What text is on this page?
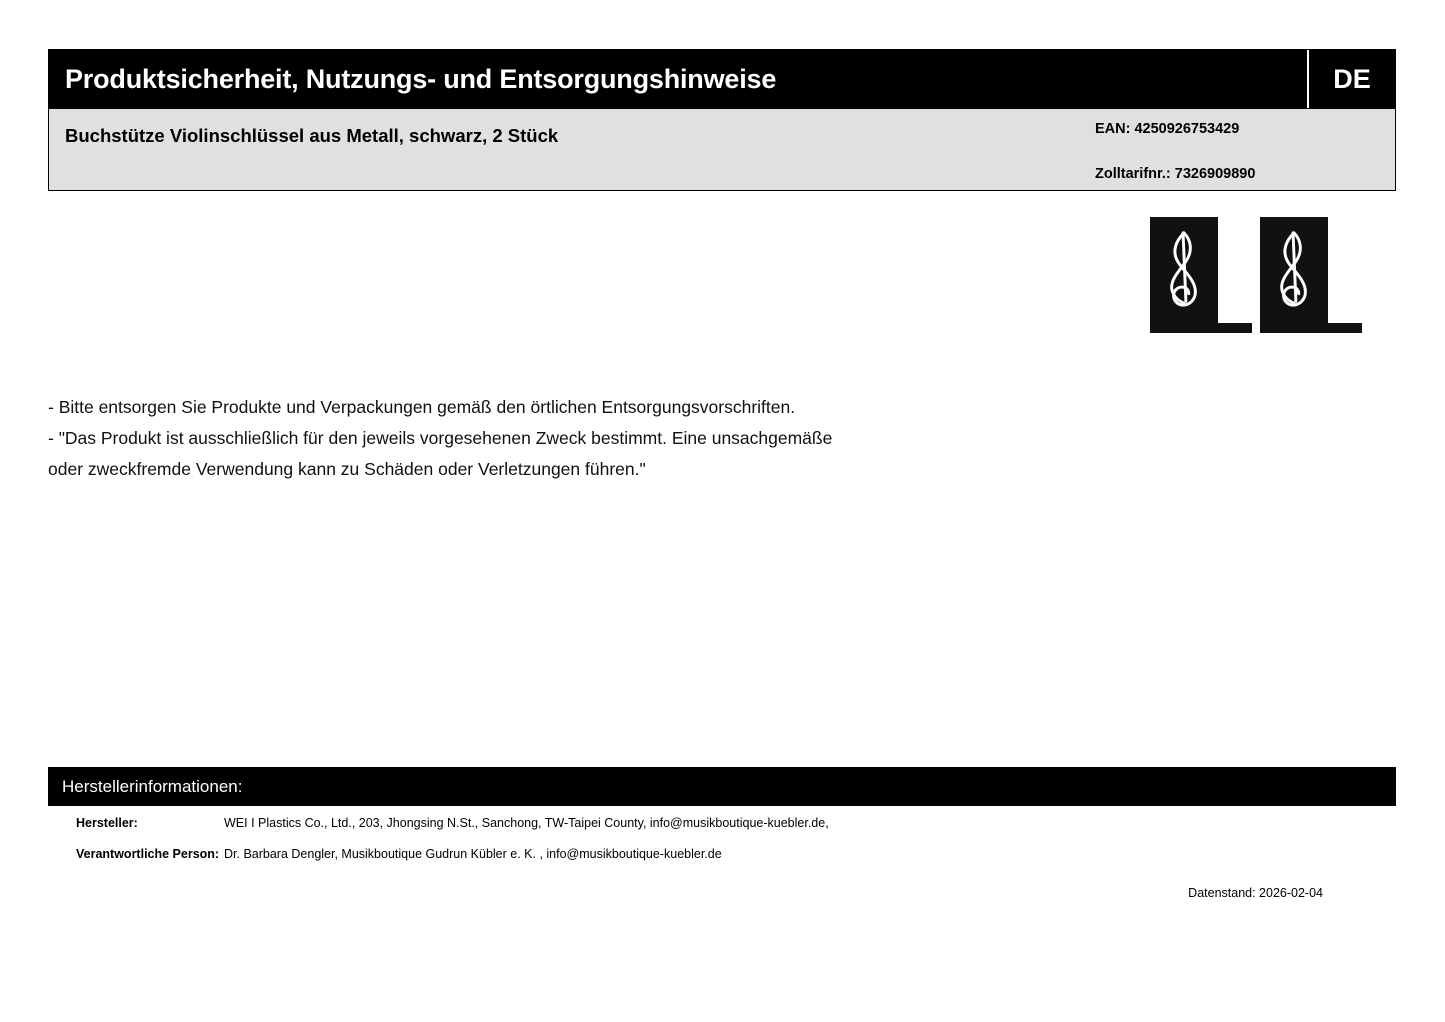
Produktsicherheit, Nutzungs- und Entsorgungshinweise	DE
Buchstütze Violinschlüssel aus Metall, schwarz, 2 Stück	EAN: 4250926753429
Zolltarifnr.: 7326909890
- Bitte entsorgen Sie Produkte und Verpackungen gemäß den örtlichen Entsorgungsvorschriften.
- "Das Produkt ist ausschließlich für den jeweils vorgesehenen Zweck bestimmt. Eine unsachgemäße
oder zweckfremde Verwendung kann zu Schäden oder Verletzungen führen."
Herstellerinformationen:
Hersteller:	WEI I Plastics Co., Ltd., 203, Jhongsing N.St., Sanchong, TW-Taipei County, info@musikboutique-kuebler.de,
Verantwortliche Person: Dr. Barbara Dengler, Musikboutique Gudrun Kübler e. K. , info@musikboutique-kuebler.de
Datenstand: 2026-02-04
